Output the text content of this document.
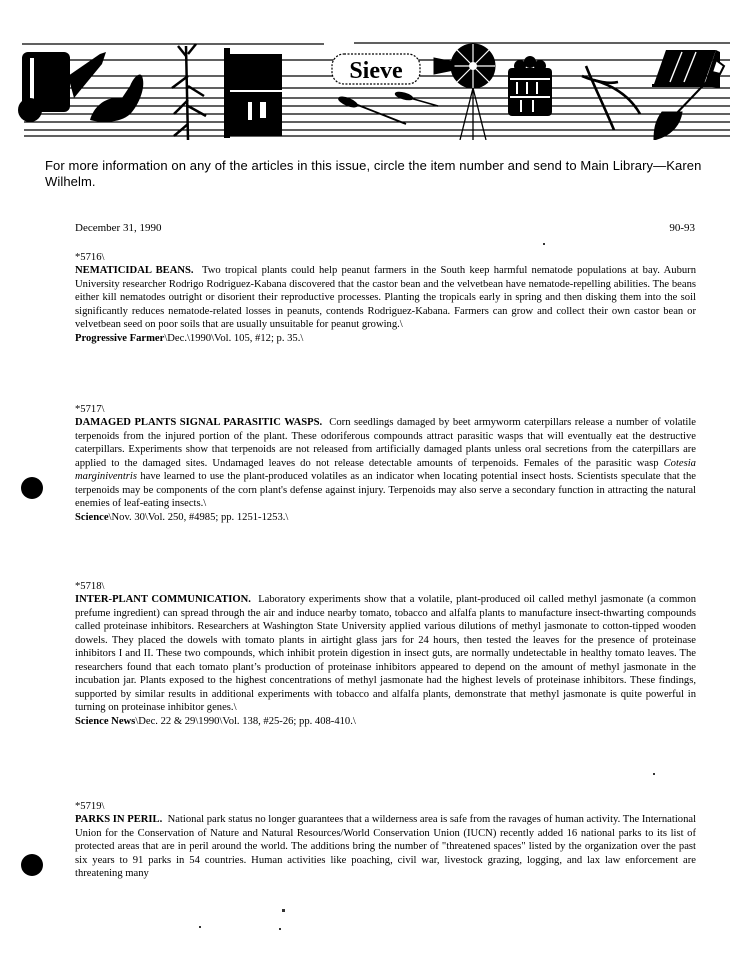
Sieve
For more information on any of the articles in this issue, circle the item number and send to Main Library—Karen Wilhelm.
December 31, 1990	90-93
*5716\
NEMATICIDAL BEANS. Two tropical plants could help peanut farmers in the South keep harmful nematode populations at bay. Auburn University researcher Rodrigo Rodriguez-Kabana discovered that the castor bean and the velvetbean have nematode-repelling abilities. The beans either kill nematodes outright or disorient their reproductive processes. Planting the tropicals early in spring and then disking them into the soil significantly reduces nematode-related losses in peanuts, contends Rodriguez-Kabana. Farmers can grow and collect their own castor bean or velvetbean seed on poor soils that are usually unsuitable for peanut growing.\
Progressive Farmer\Dec.\1990\Vol. 105, #12; p. 35.\
*5717\
DAMAGED PLANTS SIGNAL PARASITIC WASPS. Corn seedlings damaged by beet armyworm caterpillars release a number of volatile terpenoids from the injured portion of the plant. These odoriferous compounds attract parasitic wasps that will eventually eat the destructive caterpillars. Experiments show that terpenoids are not released from artificially damaged plants unless oral secretions from the caterpillars are applied to the damaged sites. Undamaged leaves do not release detectable amounts of terpenoids. Females of the parasitic wasp Cotesia marginiventris have learned to use the plant-produced volatiles as an indicator when locating potential insect hosts. Scientists speculate that the terpenoids may be components of the corn plant's defense against injury. Terpenoids may also serve a secondary function in attracting the natural enemies of leaf-eating insects.\
Science\Nov. 30\Vol. 250, #4985; pp. 1251-1253.\
*5718\
INTER-PLANT COMMUNICATION. Laboratory experiments show that a volatile, plant-produced oil called methyl jasmonate (a common prefume ingredient) can spread through the air and induce nearby tomato, tobacco and alfalfa plants to manufacture insect-thwarting compounds called proteinase inhibitors. Researchers at Washington State University applied various dilutions of methyl jasmonate to cotton-tipped wooden dowels. They placed the dowels with tomato plants in airtight glass jars for 24 hours, then tested the leaves for the presence of proteinase inhibitors I and II. These two compounds, which inhibit protein digestion in insect guts, are normally undetectable in healthy tomato leaves. The researchers found that each tomato plant’s production of proteinase inhibitors appeared to depend on the amount of methyl jasmonate in the incubation jar. Plants exposed to the highest concentrations of methyl jasmonate had the highest levels of proteinase inhibitors. These findings, supported by similar results in additional experiments with tobacco and alfalfa plants, demonstrate that methyl jasmonate is quite powerful in turning on proteinase inhibitor genes.\
Science News\Dec. 22 & 29\1990\Vol. 138, #25-26; pp. 408-410.\
*5719\
PARKS IN PERIL. National park status no longer guarantees that a wilderness area is safe from the ravages of human activity. The International Union for the Conservation of Nature and Natural Resources/World Conservation Union (IUCN) recently added 16 national parks to its list of protected areas that are in peril around the world. The additions bring the number of "threatened spaces" listed by the organization over the past six years to 91 parks in 54 countries. Human activities like poaching, civil war, livestock grazing, logging, and lax law enforcement are threatening many
